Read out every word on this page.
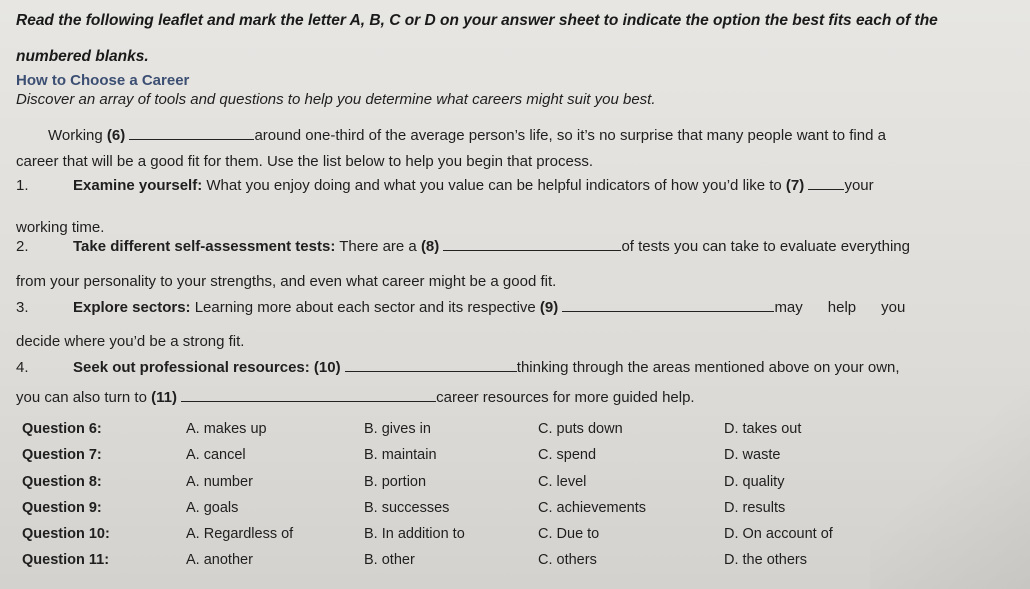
Read the following leaflet and mark the letter A, B, C or D on your answer sheet to indicate the option the best fits each of the
numbered blanks.
How to Choose a Career
Discover an array of tools and questions to help you determine what careers might suit you best.
Working (6)	around one-third of the average person’s life, so it’s no surprise that many people want to find a
career that will be a good fit for them. Use the list below to help you begin that process.
1.	Examine yourself: What you enjoy doing and what you value can be helpful indicators of how you’d like to (7)	your
working time.
2.	Take different self-assessment tests: There are a (8)	of tests you can take to evaluate everything
from your personality to your strengths, and even what career might be a good fit.
3.	Explore sectors: Learning more about each sector and its respective (9)	may      help      you
decide where you’d be a strong fit.
4.	Seek out professional resources: (10)	thinking through the areas mentioned above on your own,
you can also turn to (11)	career resources for more guided help.
Question 6:	A. makes up	B. gives in	C. puts down	D. takes out
Question 7:	A. cancel	B. maintain	C. spend	D. waste
Question 8:	A. number	B. portion	C. level	D. quality
Question 9:	A. goals	B. successes	C. achievements	D. results
Question 10:	A. Regardless of	B. In addition to	C. Due to	D. On account of
Question 11:	A. another	B. other	C. others	D. the others
